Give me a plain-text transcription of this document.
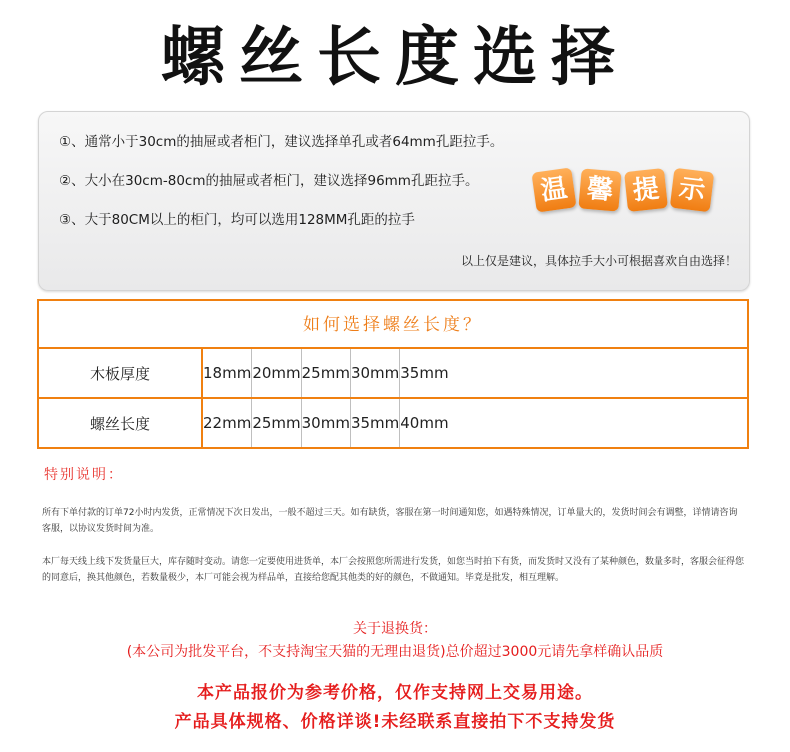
螺丝长度选择
①、通常小于30cm的抽屉或者柜门，建议选择单孔或者64mm孔距拉手。
②、大小在30cm-80cm的抽屉或者柜门，建议选择96mm孔距拉手。
③、大于80CM以上的柜门，均可以选用128MM孔距的拉手
温 馨 提 示
以上仅是建议，具体拉手大小可根据喜欢自由选择！
如何选择螺丝长度？
木板厚度	18mm 20mm 25mm 30mm 35mm
螺丝长度	22mm 25mm 30mm 35mm 40mm
特别说明：
所有下单付款的订单72小时内发货，正常情况下次日发出，一般不超过三天。如有缺货，客服在第一时间通知您，如遇特殊情况，订单量大的，发货时间会有调整，详情请咨询客服，以协议发货时间为准。
本厂每天线上线下发货量巨大，库存随时变动。请您一定要使用进货单，本厂会按照您所需进行发货，如您当时拍下有货，而发货时又没有了某种颜色，数量多时，客服会征得您的同意后，换其他颜色，若数量极少，本厂可能会视为样品单，直接给您配其他类的好的颜色，不做通知。毕竟是批发，相互理解。
关于退换货：
(本公司为批发平台，不支持淘宝天猫的无理由退货)总价超过3000元请先拿样确认品质
本产品报价为参考价格，仅作支持网上交易用途。
产品具体规格、价格详谈!未经联系直接拍下不支持发货
